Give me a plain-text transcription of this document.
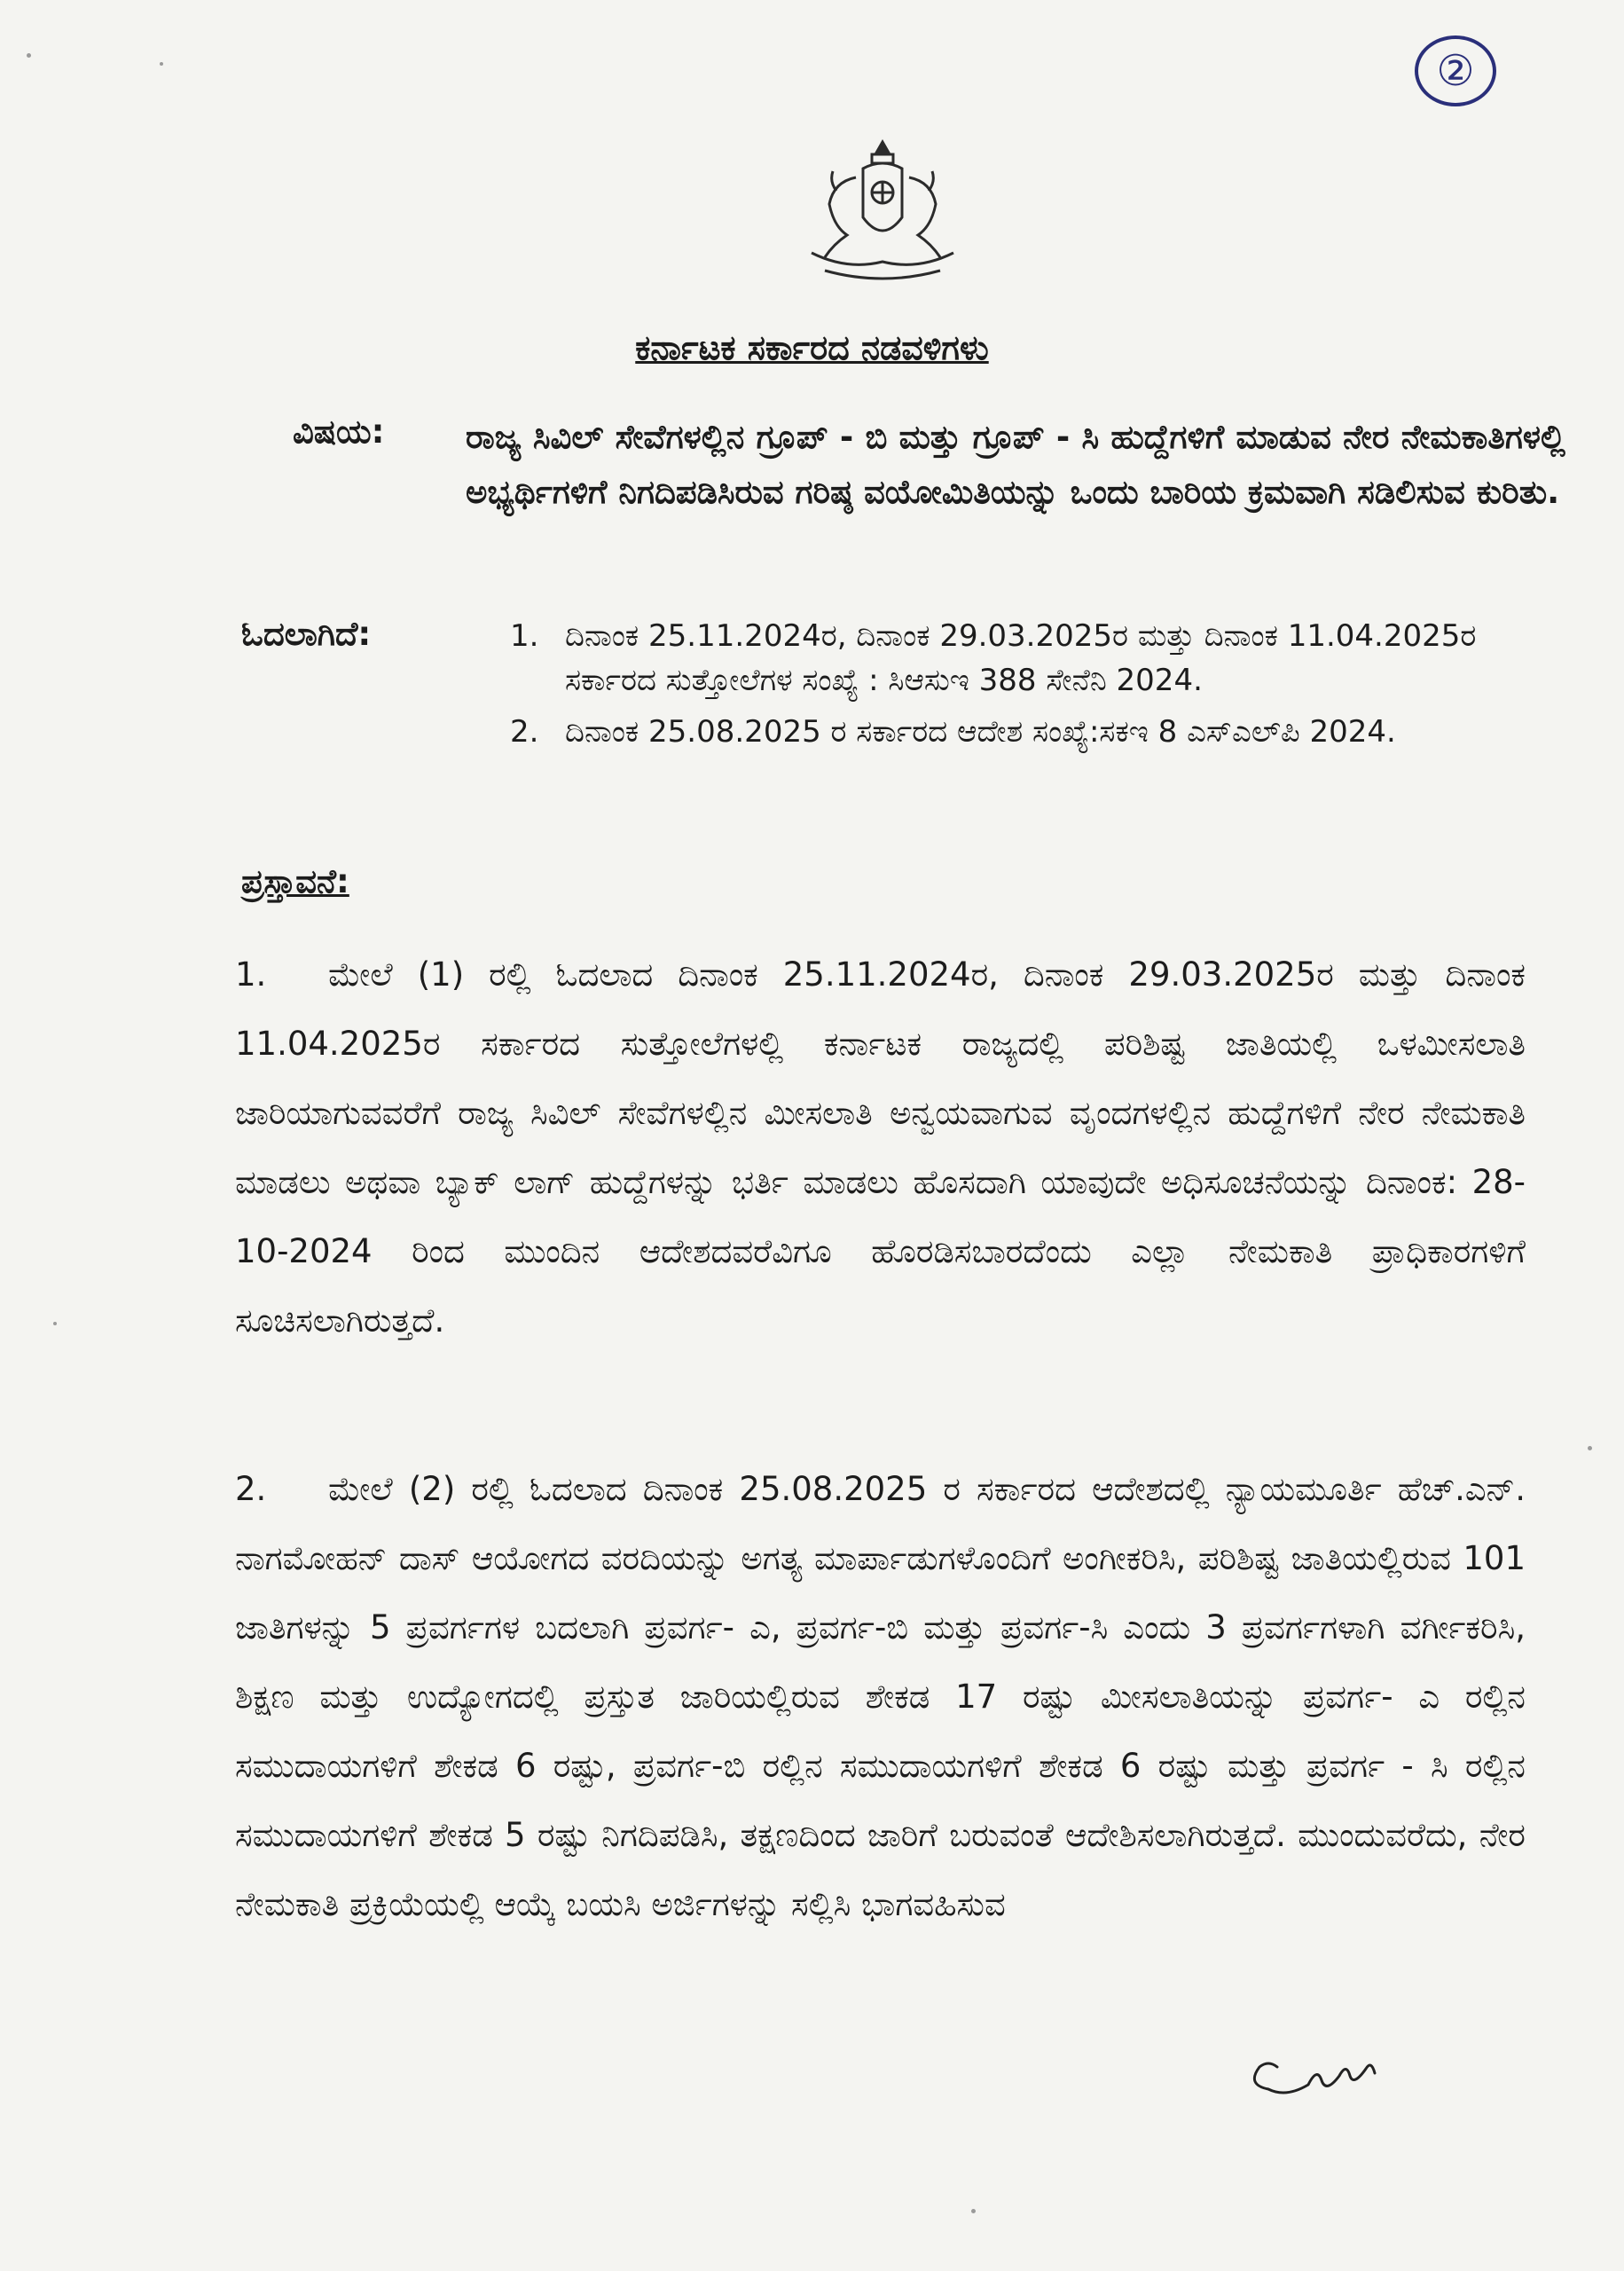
②
ಕರ್ನಾಟಕ ಸರ್ಕಾರದ ನಡವಳಿಗಳು
ವಿಷಯ: ರಾಜ್ಯ ಸಿವಿಲ್ ಸೇವೆಗಳಲ್ಲಿನ ಗ್ರೂಪ್ - ಬಿ ಮತ್ತು ಗ್ರೂಪ್ - ಸಿ ಹುದ್ದೆಗಳಿಗೆ ಮಾಡುವ ನೇರ ನೇಮಕಾತಿಗಳಲ್ಲಿ ಅಭ್ಯರ್ಥಿಗಳಿಗೆ ನಿಗದಿಪಡಿಸಿರುವ ಗರಿಷ್ಠ ವಯೋಮಿತಿಯನ್ನು ಒಂದು ಬಾರಿಯ ಕ್ರಮವಾಗಿ ಸಡಿಲಿಸುವ ಕುರಿತು.
ಓದಲಾಗಿದೆ:	1. ದಿನಾಂಕ 25.11.2024ರ, ದಿನಾಂಕ 29.03.2025ರ ಮತ್ತು ದಿನಾಂಕ 11.04.2025ರ ಸರ್ಕಾರದ ಸುತ್ತೋಲೆಗಳ ಸಂಖ್ಯೆ : ಸಿಆಸುಇ 388 ಸೇನೆನಿ 2024.
2. ದಿನಾಂಕ 25.08.2025 ರ ಸರ್ಕಾರದ ಆದೇಶ ಸಂಖ್ಯೆ:ಸಕಇ 8 ಎಸ್‌ಎಲ್‌ಪಿ 2024.
ಪ್ರಸ್ತಾವನೆ:
1. ಮೇಲೆ (1) ರಲ್ಲಿ ಓದಲಾದ ದಿನಾಂಕ 25.11.2024ರ, ದಿನಾಂಕ 29.03.2025ರ ಮತ್ತು ದಿನಾಂಕ 11.04.2025ರ ಸರ್ಕಾರದ ಸುತ್ತೋಲೆಗಳಲ್ಲಿ ಕರ್ನಾಟಕ ರಾಜ್ಯದಲ್ಲಿ ಪರಿಶಿಷ್ಟ ಜಾತಿಯಲ್ಲಿ ಒಳಮೀಸಲಾತಿ ಜಾರಿಯಾಗುವವರೆಗೆ ರಾಜ್ಯ ಸಿವಿಲ್ ಸೇವೆಗಳಲ್ಲಿನ ಮೀಸಲಾತಿ ಅನ್ವಯವಾಗುವ ವೃಂದಗಳಲ್ಲಿನ ಹುದ್ದೆಗಳಿಗೆ ನೇರ ನೇಮಕಾತಿ ಮಾಡಲು ಅಥವಾ ಬ್ಯಾಕ್ ಲಾಗ್ ಹುದ್ದೆಗಳನ್ನು ಭರ್ತಿ ಮಾಡಲು ಹೊಸದಾಗಿ ಯಾವುದೇ ಅಧಿಸೂಚನೆಯನ್ನು ದಿನಾಂಕ: 28-10-2024 ರಿಂದ ಮುಂದಿನ ಆದೇಶದವರೆವಿಗೂ ಹೊರಡಿಸಬಾರದೆಂದು ಎಲ್ಲಾ ನೇಮಕಾತಿ ಪ್ರಾಧಿಕಾರಗಳಿಗೆ ಸೂಚಿಸಲಾಗಿರುತ್ತದೆ.
2. ಮೇಲೆ (2) ರಲ್ಲಿ ಓದಲಾದ ದಿನಾಂಕ 25.08.2025 ರ ಸರ್ಕಾರದ ಆದೇಶದಲ್ಲಿ ನ್ಯಾಯಮೂರ್ತಿ ಹೆಚ್.ಎನ್. ನಾಗಮೋಹನ್ ದಾಸ್ ಆಯೋಗದ ವರದಿಯನ್ನು ಅಗತ್ಯ ಮಾರ್ಪಾಡುಗಳೊಂದಿಗೆ ಅಂಗೀಕರಿಸಿ, ಪರಿಶಿಷ್ಟ ಜಾತಿಯಲ್ಲಿರುವ 101 ಜಾತಿಗಳನ್ನು 5 ಪ್ರವರ್ಗಗಳ ಬದಲಾಗಿ ಪ್ರವರ್ಗ- ಎ, ಪ್ರವರ್ಗ-ಬಿ ಮತ್ತು ಪ್ರವರ್ಗ-ಸಿ ಎಂದು 3 ಪ್ರವರ್ಗಗಳಾಗಿ ವರ್ಗೀಕರಿಸಿ, ಶಿಕ್ಷಣ ಮತ್ತು ಉದ್ಯೋಗದಲ್ಲಿ ಪ್ರಸ್ತುತ ಜಾರಿಯಲ್ಲಿರುವ ಶೇಕಡ 17 ರಷ್ಟು ಮೀಸಲಾತಿಯನ್ನು ಪ್ರವರ್ಗ- ಎ ರಲ್ಲಿನ ಸಮುದಾಯಗಳಿಗೆ ಶೇಕಡ 6 ರಷ್ಟು, ಪ್ರವರ್ಗ-ಬಿ ರಲ್ಲಿನ ಸಮುದಾಯಗಳಿಗೆ ಶೇಕಡ 6 ರಷ್ಟು ಮತ್ತು ಪ್ರವರ್ಗ - ಸಿ ರಲ್ಲಿನ ಸಮುದಾಯಗಳಿಗೆ ಶೇಕಡ 5 ರಷ್ಟು ನಿಗದಿಪಡಿಸಿ, ತಕ್ಷಣದಿಂದ ಜಾರಿಗೆ ಬರುವಂತೆ ಆದೇಶಿಸಲಾಗಿರುತ್ತದೆ. ಮುಂದುವರೆದು, ನೇರ ನೇಮಕಾತಿ ಪ್ರಕ್ರಿಯೆಯಲ್ಲಿ ಆಯ್ಕೆ ಬಯಸಿ ಅರ್ಜಿಗಳನ್ನು ಸಲ್ಲಿಸಿ ಭಾಗವಹಿಸುವ
